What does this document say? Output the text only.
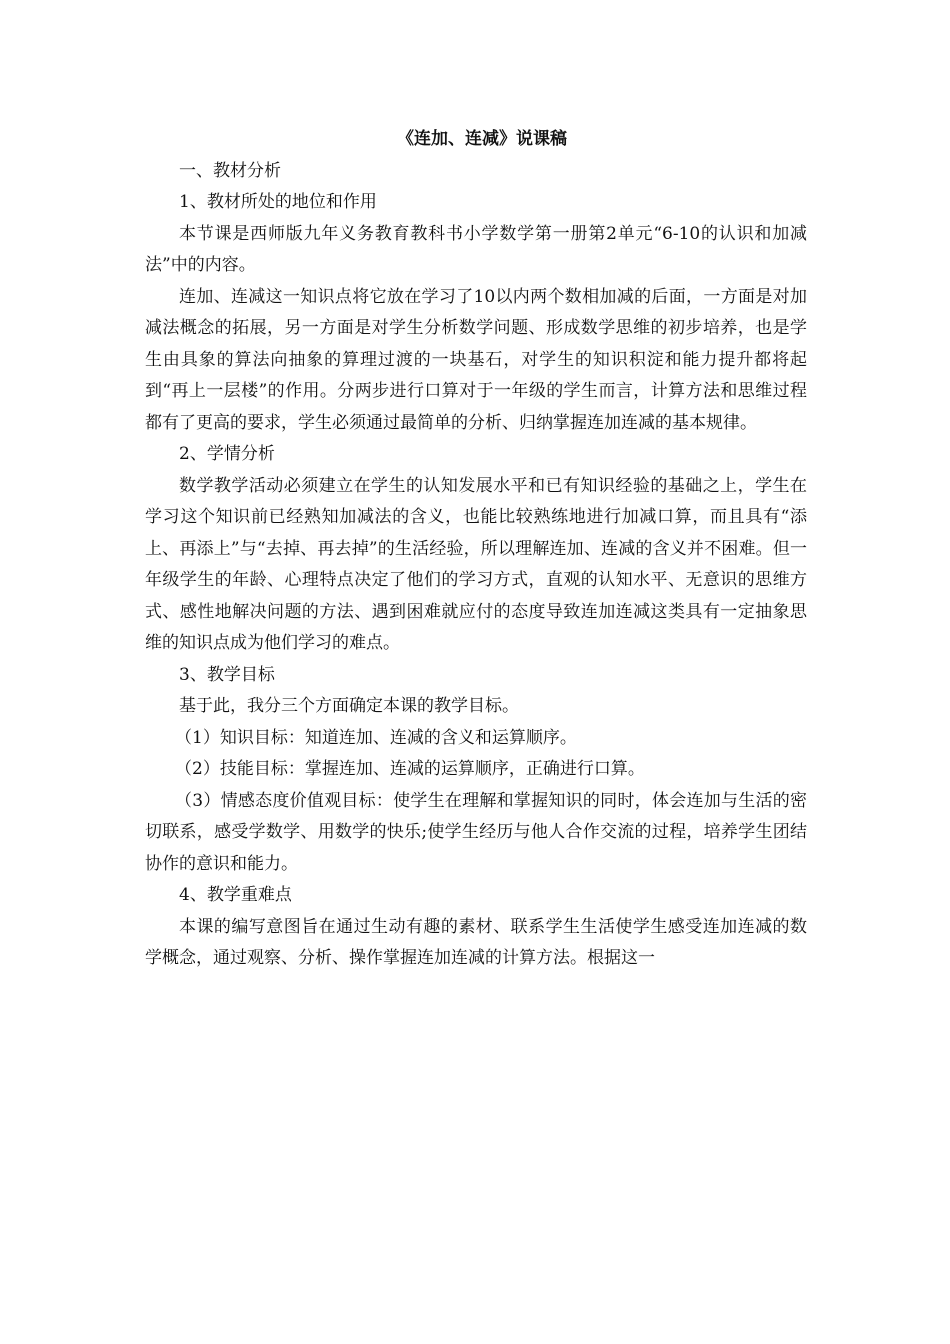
《连加、连减》说课稿

一、教材分析

1、教材所处的地位和作用

本节课是西师版九年义务教育教科书小学数学第一册第2单元“6-10的认识和加减法”中的内容。

连加、连减这一知识点将它放在学习了10以内两个数相加减的后面，一方面是对加减法概念的拓展，另一方面是对学生分析数学问题、形成数学思维的初步培养，也是学生由具象的算法向抽象的算理过渡的一块基石，对学生的知识积淀和能力提升都将起到“再上一层楼”的作用。分两步进行口算对于一年级的学生而言，计算方法和思维过程都有了更高的要求，学生必须通过最简单的分析、归纳掌握连加连减的基本规律。

2、学情分析

数学教学活动必须建立在学生的认知发展水平和已有知识经验的基础之上，学生在学习这个知识前已经熟知加减法的含义，也能比较熟练地进行加减口算，而且具有“添上、再添上”与“去掉、再去掉”的生活经验，所以理解连加、连减的含义并不困难。但一年级学生的年龄、心理特点决定了他们的学习方式，直观的认知水平、无意识的思维方式、感性地解决问题的方法、遇到困难就应付的态度导致连加连减这类具有一定抽象思维的知识点成为他们学习的难点。

3、教学目标

基于此，我分三个方面确定本课的教学目标。

（1）知识目标：知道连加、连减的含义和运算顺序。

（2）技能目标：掌握连加、连减的运算顺序，正确进行口算。

（3）情感态度价值观目标：使学生在理解和掌握知识的同时，体会连加与生活的密切联系，感受学数学、用数学的快乐;使学生经历与他人合作交流的过程，培养学生团结协作的意识和能力。

4、教学重难点

本课的编写意图旨在通过生动有趣的素材、联系学生生活使学生感受连加连减的数学概念，通过观察、分析、操作掌握连加连减的计算方法。根据这一
